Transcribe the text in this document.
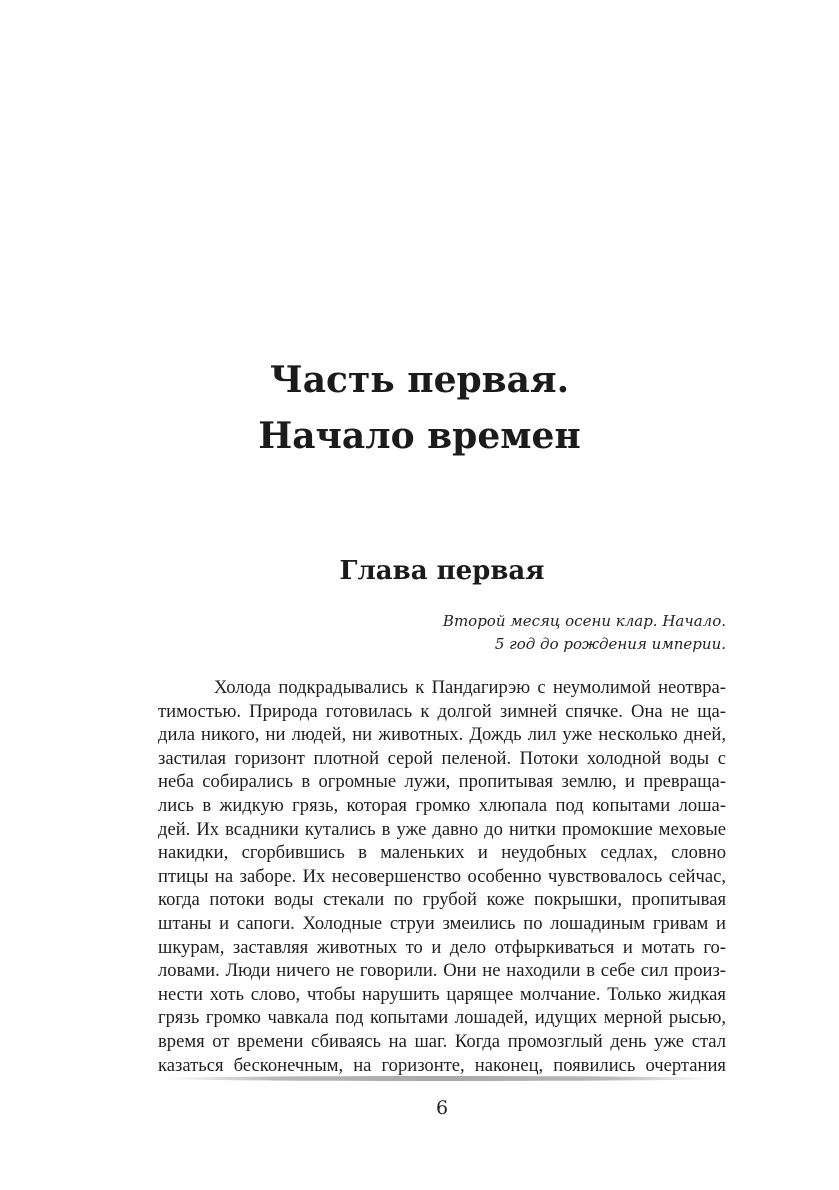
Часть первая.
Начало времен
Глава первая
Второй месяц осени клар. Начало.
5 год до рождения империи.
Холода подкрадывались к Пандагирэю с неумолимой неотвра-
тимостью. Природа готовилась к долгой зимней спячке. Она не ща-
дила никого, ни людей, ни животных. Дождь лил уже несколько дней,
застилая горизонт плотной серой пеленой. Потоки холодной воды с
неба собирались в огромные лужи, пропитывая землю, и превраща-
лись в жидкую грязь, которая громко хлюпала под копытами лоша-
дей. Их всадники кутались в уже давно до нитки промокшие меховые
накидки, сгорбившись в маленьких и неудобных седлах, словно
птицы на заборе. Их несовершенство особенно чувствовалось сейчас,
когда потоки воды стекали по грубой коже покрышки, пропитывая
штаны и сапоги. Холодные струи змеились по лошадиным гривам и
шкурам, заставляя животных то и дело отфыркиваться и мотать го-
ловами. Люди ничего не говорили. Они не находили в себе сил произ-
нести хоть слово, чтобы нарушить царящее молчание. Только жидкая
грязь громко чавкала под копытами лошадей, идущих мерной рысью,
время от времени сбиваясь на шаг. Когда промозглый день уже стал
казаться бесконечным, на горизонте, наконец, появились очертания
6
